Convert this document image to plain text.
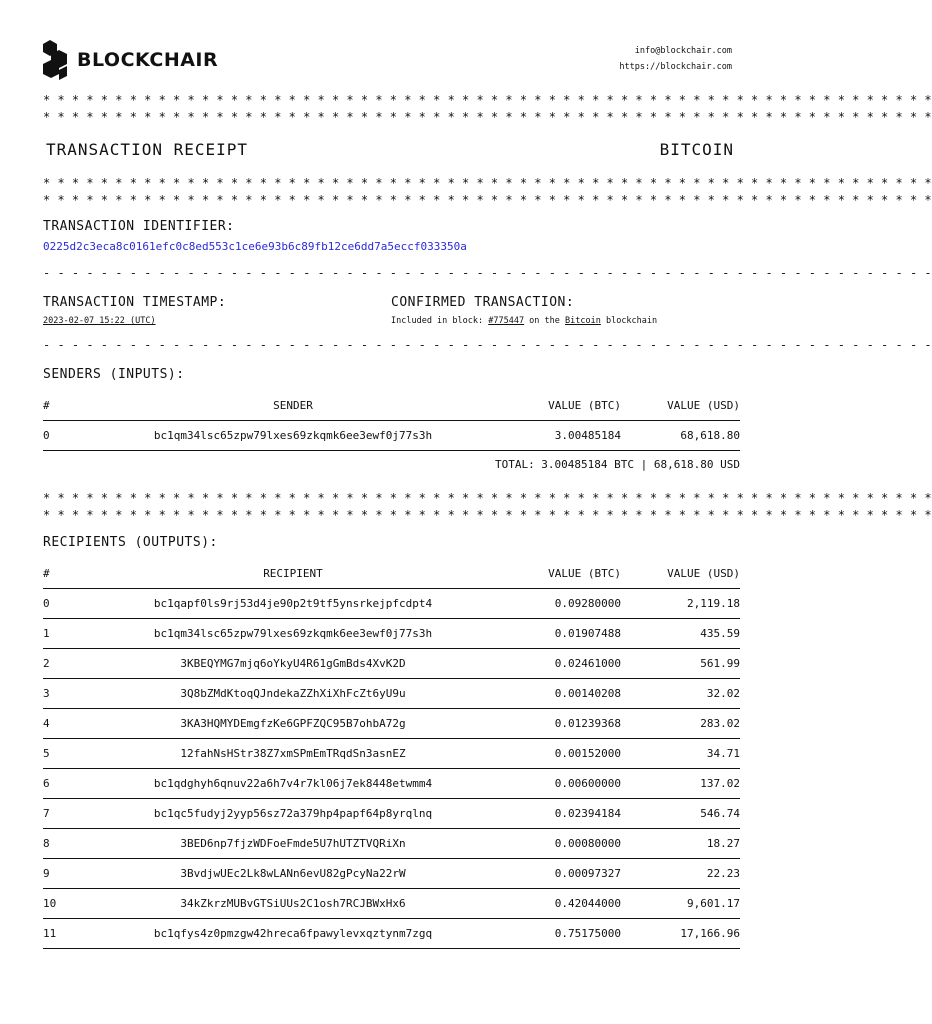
BLOCKCHAIR	info@blockchair.com
https://blockchair.com
* * * * * * * * * * * * * * * * * * * * * * * * * * * * * * * * * * * * * * * * * * * * * * * * * * * * * * * * * * * * * *
* * * * * * * * * * * * * * * * * * * * * * * * * * * * * * * * * * * * * * * * * * * * * * * * * * * * * * * * * * * * * *
TRANSACTION RECEIPT	BITCOIN
* * * * * * * * * * * * * * * * * * * * * * * * * * * * * * * * * * * * * * * * * * * * * * * * * * * * * * * * * * * * * *
* * * * * * * * * * * * * * * * * * * * * * * * * * * * * * * * * * * * * * * * * * * * * * * * * * * * * * * * * * * * * *
TRANSACTION IDENTIFIER:
0225d2c3eca8c0161efc0c8ed553c1ce6e93b6c89fb12ce6dd7a5eccf033350a
- - - - - - - - - - - - - - - - - - - - - - - - - - - - - - - - - - - - - - - - - - - - - - - - - - - - - - - - - - - - - -
TRANSACTION TIMESTAMP:
2023-02-07 15:22 (UTC)
CONFIRMED TRANSACTION:
Included in block: #775447 on the Bitcoin blockchain
- - - - - - - - - - - - - - - - - - - - - - - - - - - - - - - - - - - - - - - - - - - - - - - - - - - - - - - - - - - - - -
SENDERS (INPUTS):
#	SENDER	VALUE (BTC)	VALUE (USD)
0	bc1qm34lsc65zpw79lxes69zkqmk6ee3ewf0j77s3h	3.00485184	68,618.80
TOTAL: 3.00485184 BTC | 68,618.80 USD
* * * * * * * * * * * * * * * * * * * * * * * * * * * * * * * * * * * * * * * * * * * * * * * * * * * * * * * * * * * * * *
* * * * * * * * * * * * * * * * * * * * * * * * * * * * * * * * * * * * * * * * * * * * * * * * * * * * * * * * * * * * * *
RECIPIENTS (OUTPUTS):
#	RECIPIENT	VALUE (BTC)	VALUE (USD)
0	bc1qapf0ls9rj53d4je90p2t9tf5ynsrkejpfcdpt4	0.09280000	2,119.18
1	bc1qm34lsc65zpw79lxes69zkqmk6ee3ewf0j77s3h	0.01907488	435.59
2	3KBEQYMG7mjq6oYkyU4R61gGmBds4XvK2D	0.02461000	561.99
3	3Q8bZMdKtoqQJndekaZZhXiXhFcZt6yU9u	0.00140208	32.02
4	3KA3HQMYDEmgfzKe6GPFZQC95B7ohbA72g	0.01239368	283.02
5	12fahNsHStr38Z7xmSPmEmTRqdSn3asnEZ	0.00152000	34.71
6	bc1qdghyh6qnuv22a6h7v4r7kl06j7ek8448etwmm4	0.00600000	137.02
7	bc1qc5fudyj2yyp56sz72a379hp4papf64p8yrqlnq	0.02394184	546.74
8	3BED6np7fjzWDFoeFmde5U7hUTZTVQRiXn	0.00080000	18.27
9	3BvdjwUEc2Lk8wLANn6evU82gPcyNa22rW	0.00097327	22.23
10	34kZkrzMUBvGTSiUUs2C1osh7RCJBWxHx6	0.42044000	9,601.17
11	bc1qfys4z0pmzgw42hreca6fpawylevxqztynm7zgq	0.75175000	17,166.96
